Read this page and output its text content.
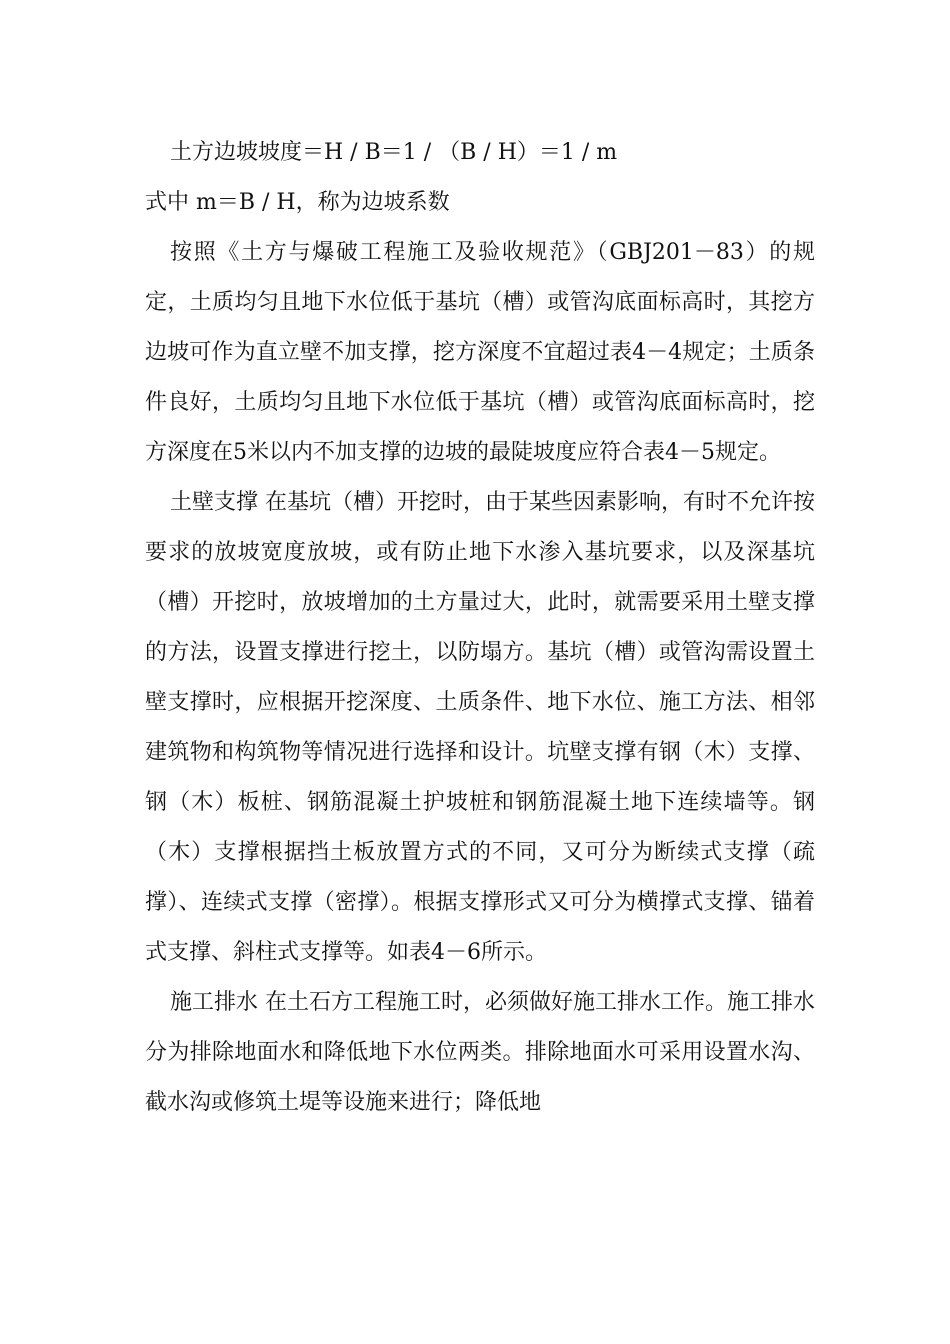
土方边坡坡度＝H / B＝1 / （B / H）＝1 / m

式中 m＝B / H，称为边坡系数

按照《土方与爆破工程施工及验收规范》（GBJ201－83）的规定，土质均匀且地下水位低于基坑（槽）或管沟底面标高时，其挖方边坡可作为直立壁不加支撑，挖方深度不宜超过表4－4规定；土质条件良好，土质均匀且地下水位低于基坑（槽）或管沟底面标高时，挖方深度在5米以内不加支撑的边坡的最陡坡度应符合表4－5规定。

土壁支撑 在基坑（槽）开挖时，由于某些因素影响，有时不允许按要求的放坡宽度放坡，或有防止地下水渗入基坑要求，以及深基坑（槽）开挖时，放坡增加的土方量过大，此时，就需要采用土壁支撑的方法，设置支撑进行挖土，以防塌方。基坑（槽）或管沟需设置土壁支撑时，应根据开挖深度、土质条件、地下水位、施工方法、相邻建筑物和构筑物等情况进行选择和设计。坑壁支撑有钢（木）支撑、钢（木）板桩、钢筋混凝土护坡桩和钢筋混凝土地下连续墙等。钢（木）支撑根据挡土板放置方式的不同，又可分为断续式支撑（疏撑）、连续式支撑（密撑）。根据支撑形式又可分为横撑式支撑、锚着式支撑、斜柱式支撑等。如表4－6所示。

施工排水 在土石方工程施工时，必须做好施工排水工作。施工排水分为排除地面水和降低地下水位两类。排除地面水可采用设置水沟、截水沟或修筑土堤等设施来进行；降低地
